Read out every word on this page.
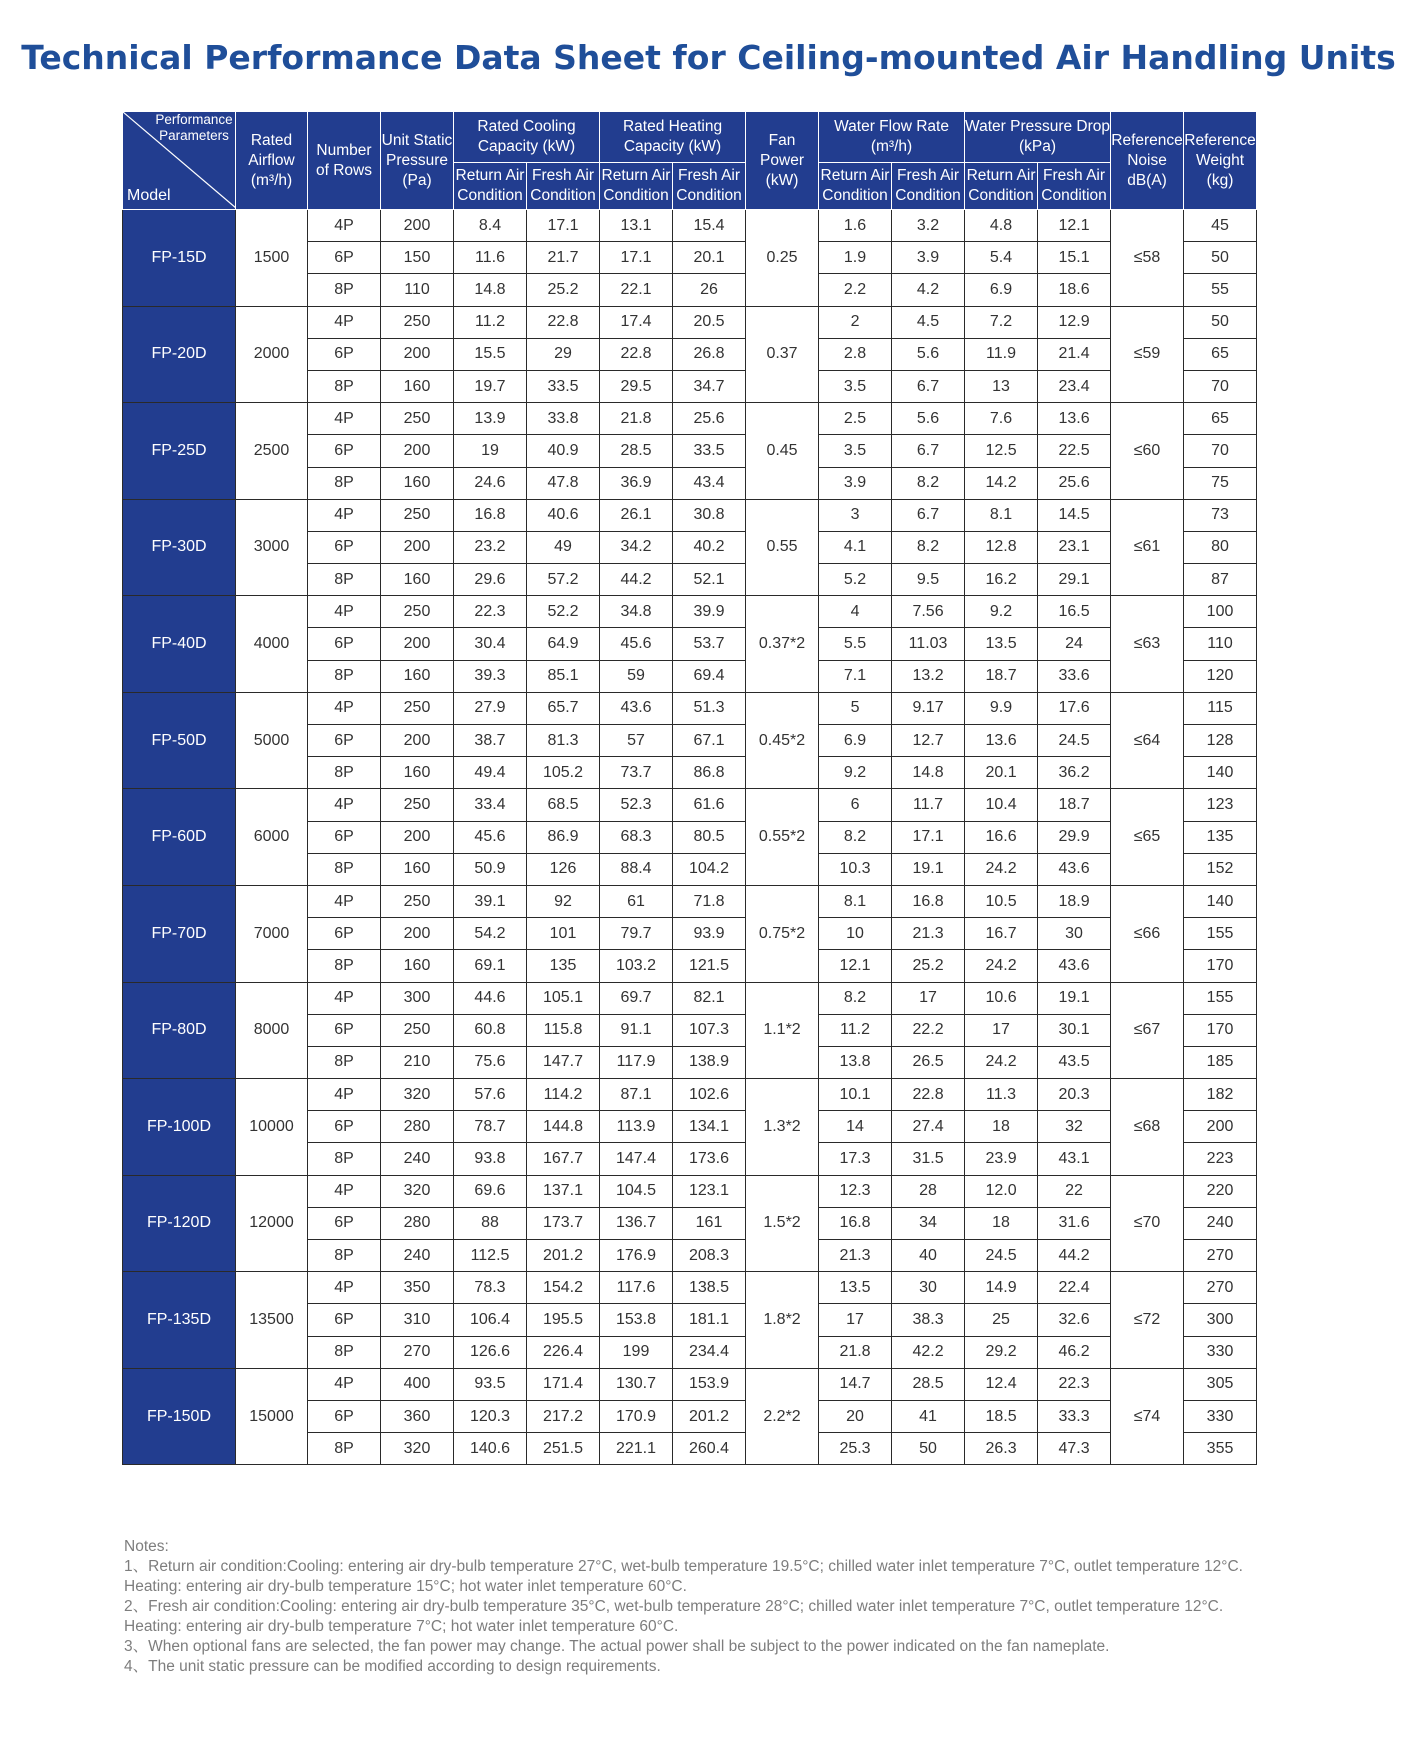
Technical Performance Data Sheet for Ceiling-mounted Air Handling Units
Performance Parameters
Model	Rated Airflow (m³/h)	Number of Rows	Unit Static Pressure (Pa)	Rated Cooling Capacity (kW)		Rated Heating Capacity (kW)		Fan Power (kW)	Water Flow Rate (m³/h)		Water Pressure Drop (kPa)		Reference Noise dB(A)	Reference Weight (kg)
				Return Air Condition	Fresh Air Condition	Return Air Condition	Fresh Air Condition		Return Air Condition	Fresh Air Condition	Return Air Condition	Fresh Air Condition		
FP-15D	1500	4P	200	8.4	17.1	13.1	15.4	0.25	1.6	3.2	4.8	12.1	≤58	45
		6P	150	11.6	21.7	17.1	20.1		1.9	3.9	5.4	15.1		50
		8P	110	14.8	25.2	22.1	26		2.2	4.2	6.9	18.6		55
FP-20D	2000	4P	250	11.2	22.8	17.4	20.5	0.37	2	4.5	7.2	12.9	≤59	50
		6P	200	15.5	29	22.8	26.8		2.8	5.6	11.9	21.4		65
		8P	160	19.7	33.5	29.5	34.7		3.5	6.7	13	23.4		70
FP-25D	2500	4P	250	13.9	33.8	21.8	25.6	0.45	2.5	5.6	7.6	13.6	≤60	65
		6P	200	19	40.9	28.5	33.5		3.5	6.7	12.5	22.5		70
		8P	160	24.6	47.8	36.9	43.4		3.9	8.2	14.2	25.6		75
FP-30D	3000	4P	250	16.8	40.6	26.1	30.8	0.55	3	6.7	8.1	14.5	≤61	73
		6P	200	23.2	49	34.2	40.2		4.1	8.2	12.8	23.1		80
		8P	160	29.6	57.2	44.2	52.1		5.2	9.5	16.2	29.1		87
FP-40D	4000	4P	250	22.3	52.2	34.8	39.9	0.37*2	4	7.56	9.2	16.5	≤63	100
		6P	200	30.4	64.9	45.6	53.7		5.5	11.03	13.5	24		110
		8P	160	39.3	85.1	59	69.4		7.1	13.2	18.7	33.6		120
FP-50D	5000	4P	250	27.9	65.7	43.6	51.3	0.45*2	5	9.17	9.9	17.6	≤64	115
		6P	200	38.7	81.3	57	67.1		6.9	12.7	13.6	24.5		128
		8P	160	49.4	105.2	73.7	86.8		9.2	14.8	20.1	36.2		140
FP-60D	6000	4P	250	33.4	68.5	52.3	61.6	0.55*2	6	11.7	10.4	18.7	≤65	123
		6P	200	45.6	86.9	68.3	80.5		8.2	17.1	16.6	29.9		135
		8P	160	50.9	126	88.4	104.2		10.3	19.1	24.2	43.6		152
FP-70D	7000	4P	250	39.1	92	61	71.8	0.75*2	8.1	16.8	10.5	18.9	≤66	140
		6P	200	54.2	101	79.7	93.9		10	21.3	16.7	30		155
		8P	160	69.1	135	103.2	121.5		12.1	25.2	24.2	43.6		170
FP-80D	8000	4P	300	44.6	105.1	69.7	82.1	1.1*2	8.2	17	10.6	19.1	≤67	155
		6P	250	60.8	115.8	91.1	107.3		11.2	22.2	17	30.1		170
		8P	210	75.6	147.7	117.9	138.9		13.8	26.5	24.2	43.5		185
FP-100D	10000	4P	320	57.6	114.2	87.1	102.6	1.3*2	10.1	22.8	11.3	20.3	≤68	182
		6P	280	78.7	144.8	113.9	134.1		14	27.4	18	32		200
		8P	240	93.8	167.7	147.4	173.6		17.3	31.5	23.9	43.1		223
FP-120D	12000	4P	320	69.6	137.1	104.5	123.1	1.5*2	12.3	28	12.0	22	≤70	220
		6P	280	88	173.7	136.7	161		16.8	34	18	31.6		240
		8P	240	112.5	201.2	176.9	208.3		21.3	40	24.5	44.2		270
FP-135D	13500	4P	350	78.3	154.2	117.6	138.5	1.8*2	13.5	30	14.9	22.4	≤72	270
		6P	310	106.4	195.5	153.8	181.1		17	38.3	25	32.6		300
		8P	270	126.6	226.4	199	234.4		21.8	42.2	29.2	46.2		330
FP-150D	15000	4P	400	93.5	171.4	130.7	153.9	2.2*2	14.7	28.5	12.4	22.3	≤74	305
		6P	360	120.3	217.2	170.9	201.2		20	41	18.5	33.3		330
		8P	320	140.6	251.5	221.1	260.4		25.3	50	26.3	47.3		355

Notes:

1、Return air condition:Cooling: entering air dry-bulb temperature 27°C, wet-bulb temperature 19.5°C; chilled water inlet temperature 7°C, outlet temperature 12°C.

Heating: entering air dry-bulb temperature 15°C; hot water inlet temperature 60°C.

2、Fresh air condition:Cooling: entering air dry-bulb temperature 35°C, wet-bulb temperature 28°C; chilled water inlet temperature 7°C, outlet temperature 12°C.

Heating: entering air dry-bulb temperature 7°C; hot water inlet temperature 60°C.

3、When optional fans are selected, the fan power may change. The actual power shall be subject to the power indicated on the fan nameplate.

4、The unit static pressure can be modified according to design requirements.
